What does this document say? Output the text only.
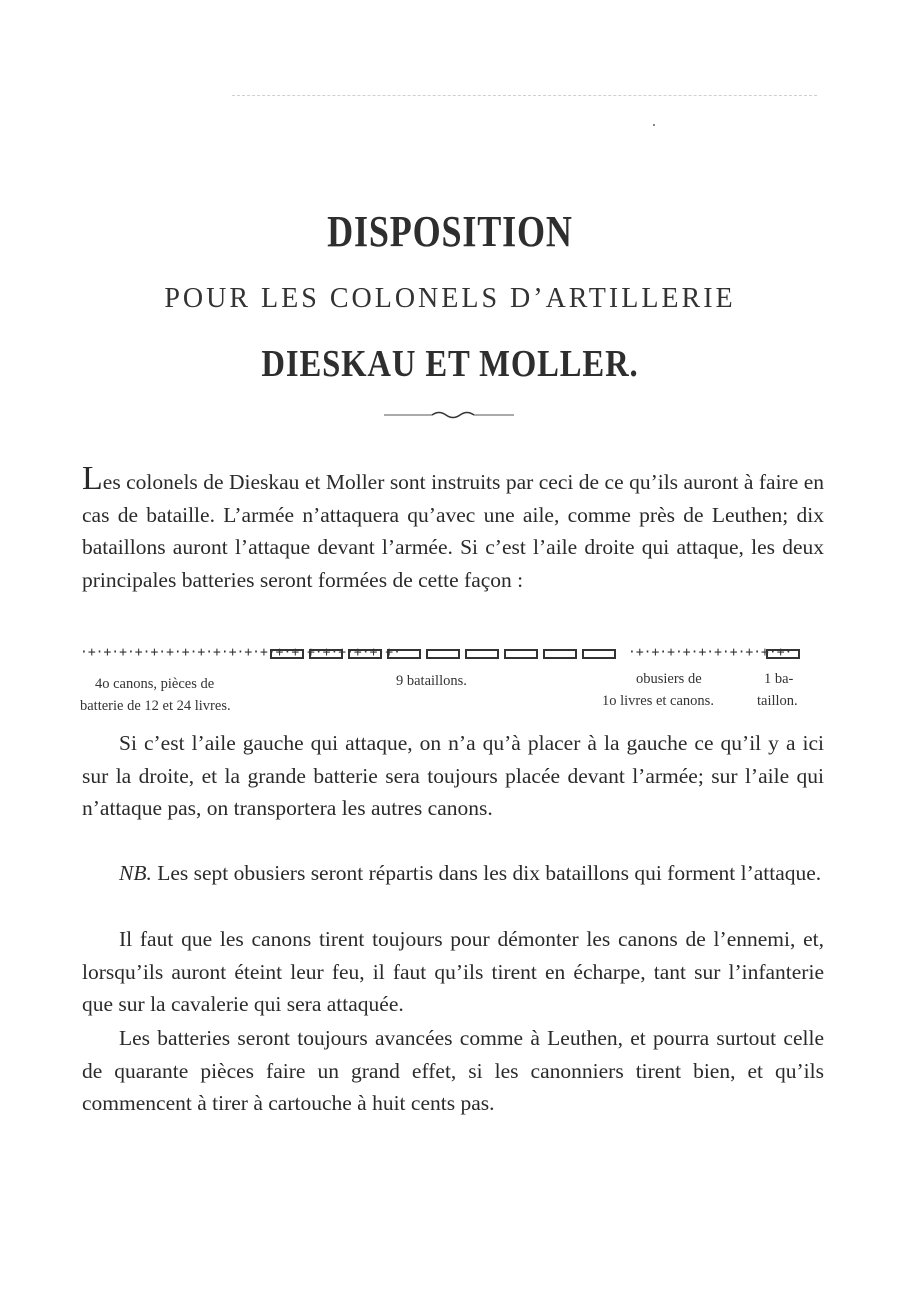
DISPOSITION
POUR LES COLONELS D’ARTILLERIE
DIESKAU ET MOLLER.
Les colonels de Dieskau et Moller sont instruits par ceci de ce qu’ils auront à faire en cas de bataille. L’armée n’attaquera qu’avec une aile, comme près de Leuthen; dix bataillons auront l’attaque devant l’armée. Si c’est l’aile droite qui attaque, les deux principales batteries seront formées de cette façon :
·+·+·+·+·+·+·+·+·+·+·+·+·+·+·+·+·+·+·+·+·	·+·+·+·+·+·+·+·+·+·+·
4o canons, pièces de
batterie de 12 et 24 livres.
9 bataillons.	obusiers de
1o livres et canons.
1 ba-
taillon.
Si c’est l’aile gauche qui attaque, on n’a qu’à placer à la gauche ce qu’il y a ici sur la droite, et la grande batterie sera toujours placée devant l’armée; sur l’aile qui n’attaque pas, on transportera les autres canons.
NB. Les sept obusiers seront répartis dans les dix bataillons qui forment l’attaque.
Il faut que les canons tirent toujours pour démonter les canons de l’ennemi, et, lorsqu’ils auront éteint leur feu, il faut qu’ils tirent en écharpe, tant sur l’infanterie que sur la cavalerie qui sera attaquée.
Les batteries seront toujours avancées comme à Leuthen, et pourra surtout celle de quarante pièces faire un grand effet, si les canonniers tirent bien, et qu’ils commencent à tirer à cartouche à huit cents pas.
